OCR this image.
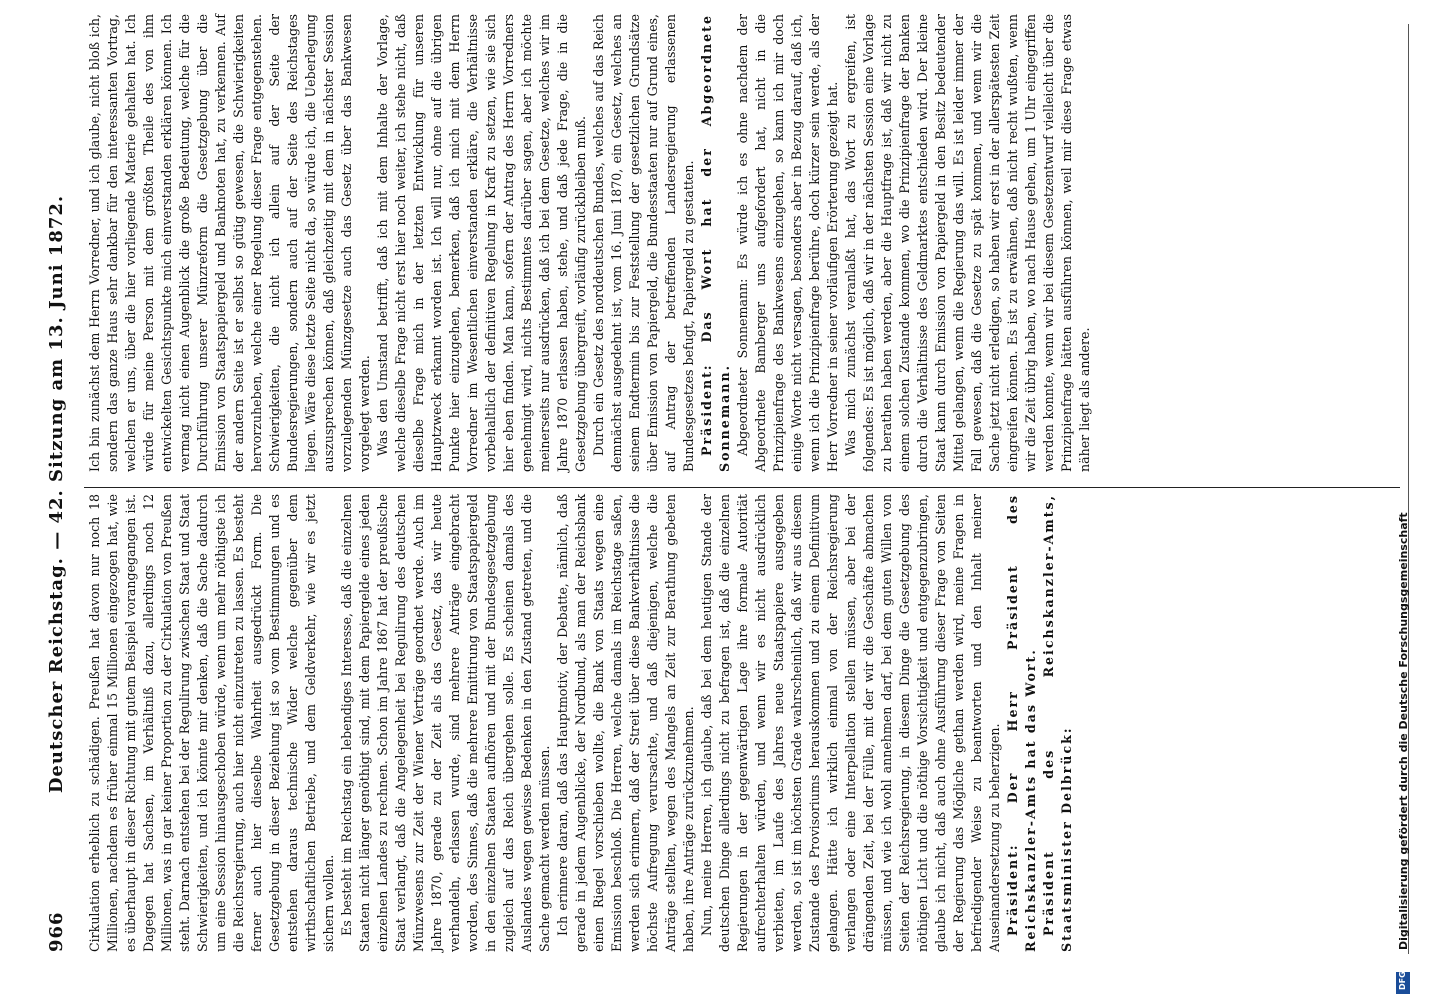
966
Deutscher Reichstag. — 42. Sitzung am 13. Juni 1872. Cirkulation erheblich zu schädigen. Preußen hat davon nur noch 18 Millionen, nachdem es früher einmal 15 Millionen eingezogen hat, wie es überhaupt in dieser Richtung mit gutem Beispiel vorangegangen ist. Dagegen hat Sachsen, im Verhältniß dazu, allerdings noch 12 Millionen, was in gar keiner Proportion zu der Cirkulation von Preußen steht. Darnach entstehen bei der Regulirung zwischen Staat und Staat Schwierigkeiten, und ich könnte mir denken, daß die Sache dadurch um eine Session hinausgeschoben würde, wenn um mehr nöthigste ich die Reichsregierung, auch hier nicht einzutreten zu lassen. Es besteht ferner auch hier dieselbe Wahrheit ausgedrückt Form. Die Gesetzgebung in dieser Beziehung ist so vom Bestimmungen und es entstehen daraus technische Wider welche gegenüber dem wirthschaftlichen Betriebe, und dem Geldverkehr, wie wir es jetzt sichern wollen. Es besteht im Reichstag ein lebendiges Interesse, daß die einzelnen Staaten nicht länger genöthigt sind, mit dem Papiergelde eines jeden einzelnen Landes zu rechnen. Schon im Jahre 1867 hat der preußische Staat verlangt, daß die Angelegenheit bei Regulirung des deutschen Münzwesens zur Zeit der Wiener Verträge geordnet werde. Auch im Jahre 1870, gerade zu der Zeit als das Gesetz, das wir heute verhandeln, erlassen wurde, sind mehrere Anträge eingebracht worden, des Sinnes, daß die mehrere Emittirung von Staatspapiergeld in den einzelnen Staaten aufhören und mit der Bundesgesetzgebung zugleich auf das Reich übergehen solle. Es scheinen damals des Auslandes wegen gewisse Bedenken in den Zustand getreten, und die Sache gemacht werden müssen. Ich erinnere daran, daß das Hauptmotiv, der Debatte, nämlich, daß gerade in jedem Augenblicke, der Nordbund, als man der Reichsbank einen Riegel vorschieben wollte, die Bank von Staats wegen eine Emission beschloß. Die Herren, welche damals im Reichstage saßen, werden sich erinnern, daß der Streit über diese Bankverhältnisse die höchste Aufregung verursachte, und daß diejenigen, welche die Anträge stellten, wegen des Mangels an Zeit zur Berathung gebeten haben, ihre Anträge zurückzunehmen. Nun, meine Herren, ich glaube, daß bei dem heutigen Stande der deutschen Dinge allerdings nicht zu befragen ist, daß die einzelnen Regierungen in der gegenwärtigen Lage ihre formale Autorität aufrechterhalten würden, und wenn wir es nicht ausdrücklich verbieten, im Laufe des Jahres neue Staatspapiere ausgegeben werden, so ist im höchsten Grade wahrscheinlich, daß wir aus diesem Zustande des Provisoriums herauskommen und zu einem Definitivum gelangen. Hätte ich wirklich einmal von der Reichsregierung verlangen oder eine Interpellation stellen müssen, aber bei der drängenden Zeit, bei der Fülle, mit der wir die Geschäfte abmachen müssen, und wie ich wohl annehmen darf, bei dem guten Willen von Seiten der Reichsregierung, in diesem Dinge die Gesetzgebung des nöthigen Licht und die nöthige Vorsichtigkeit und entgegenzubringen, glaube ich nicht, daß auch ohne Ausführung dieser Frage von Seiten der Regierung das Mögliche gethan werden wird, meine Fragen in befriedigender Weise zu beantworten und den Inhalt meiner Auseinandersetzung zu beherzigen. Präsident: Der Herr Präsident des Reichskanzler-Amts hat das Wort. Präsident des Reichskanzler-Amts, Staatsminister Delbrück:

Ich bin zunächst dem Herrn Vorredner, und ich glaube, nicht bloß ich, sondern das ganze Haus sehr dankbar für den interessanten Vortrag, welchen er uns, über die hier vorliegende Materie gehalten hat. Ich würde für meine Person mit dem größten Theile des von ihm entwickelten Gesichtspunkte mich einverstanden erklären können. Ich vermag nicht einen Augenblick die große Bedeutung, welche für die Durchführung unserer Münzreform die Gesetzgebung über die Emission von Staatspapiergeld und Banknoten hat, zu verkennen. Auf der andern Seite ist er selbst so gütig gewesen, die Schwierigkeiten hervorzuheben, welche einer Regelung dieser Frage entgegenstehen. Schwierigkeiten, die nicht ich allein auf der Seite der Bundesregierungen, sondern auch auf der Seite des Reichstages liegen. Wäre diese letzte Seite nicht da, so würde ich, die Ueberlegung auszusprechen können, daß gleichzeitig mit dem in nächster Session vorzulegenden Münzgesetze auch das Gesetz über das Bankwesen vorgelegt werden. Was den Umstand betrifft, daß ich mit dem Inhalte der Vorlage, welche dieselbe Frage nicht erst hier noch weiter, ich stehe nicht, daß dieselbe Frage mich in der letzten Entwicklung für unseren Hauptzweck erkannt worden ist. Ich will nur, ohne auf die übrigen Punkte hier einzugehen, bemerken, daß ich mich mit dem Herrn Vorredner im Wesentlichen einverstanden erkläre, die Verhältnisse vorbehaltlich der definitiven Regelung in Kraft zu setzen, wie sie sich hier eben finden. Man kann, sofern der Antrag des Herrn Vorredners genehmigt wird, nichts Bestimmtes darüber sagen, aber ich möchte meinerseits nur ausdrücken, daß ich bei dem Gesetze, welches wir im Jahre 1870 erlassen haben, stehe, und daß jede Frage, die in die Gesetzgebung übergreift, vorläufig zurückbleiben muß. Durch ein Gesetz des norddeutschen Bundes, welches auf das Reich demnächst ausgedehnt ist, vom 16. Juni 1870, ein Gesetz, welches an seinem Endtermin bis zur Feststellung der gesetzlichen Grundsätze über Emission von Papiergeld, die Bundesstaaten nur auf Grund eines, auf Antrag der betreffenden Landesregierung erlassenen Bundesgesetzes befugt, Papiergeld zu gestatten. Präsident: Das Wort hat der Abgeordnete Sonnemann. Abgeordneter Sonnemann: Es würde ich es ohne nachdem der Abgeordnete Bamberger uns aufgefordert hat, nicht in die Prinzipienfrage des Bankwesens einzugehen, so kann ich mir doch einige Worte nicht versagen, besonders aber in Bezug darauf, daß ich, wenn ich die Prinzipienfrage berühre, doch kürzer sein werde, als der Herr Vorredner in seiner vorläufigen Erörterung gezeigt hat. Was mich zunächst veranlaßt hat, das Wort zu ergreifen, ist folgendes: Es ist möglich, daß wir in der nächsten Session eine Vorlage zu berathen haben werden, aber die Hauptfrage ist, daß wir nicht zu einem solchen Zustande kommen, wo die Prinzipienfrage der Banken durch die Verhältnisse des Geldmarktes entschieden wird. Der kleine Staat kann durch Emission von Papiergeld in den Besitz bedeutender Mittel gelangen, wenn die Regierung das will. Es ist leider immer der Fall gewesen, daß die Gesetze zu spät kommen, und wenn wir die Sache jetzt nicht erledigen, so haben wir erst in der allerspätesten Zeit eingreifen können. Es ist zu erwähnen, daß nicht recht wußten, wenn wir die Zeit übrig haben, wo nach Hause gehen, um 1 Uhr eingegriffen werden konnte, wenn wir bei diesem Gesetzentwurf vielleicht über die Prinzipienfrage hätten ausführen können, weil mir diese Frage etwas näher liegt als andere.

DFG
Digitalisierung gefördert durch die Deutsche Forschungsgemeinschaft
